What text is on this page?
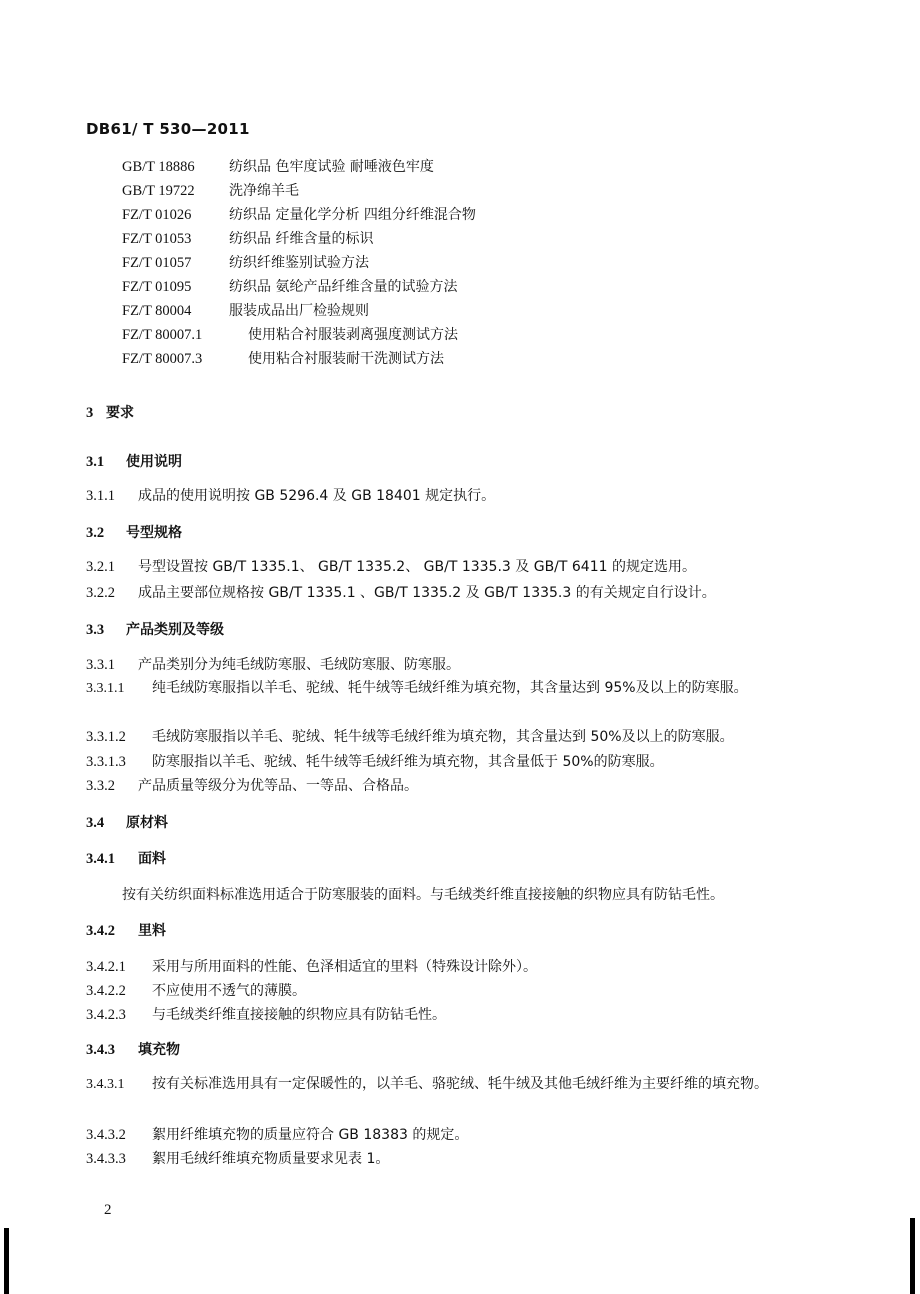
DB61/ T 530—2011
GB/T 18886 纺织品 色牢度试验 耐唾液色牢度
GB/T 19722 洗净绵羊毛
FZ/T 01026	纺织品 定量化学分析 四组分纤维混合物
FZ/T 01053	纺织品 纤维含量的标识
FZ/T 01057	纺织纤维鉴别试验方法
FZ/T 01095	纺织品 氨纶产品纤维含量的试验方法
FZ/T 80004	服装成品出厂检验规则
FZ/T 80007.1	使用粘合衬服装剥离强度测试方法
FZ/T 80007.3	使用粘合衬服装耐干洗测试方法
3 要求
3.1 使用说明
3.1.1 成品的使用说明按 GB 5296.4 及 GB 18401 规定执行。
3.2 号型规格
3.2.1 号型设置按 GB/T 1335.1、 GB/T 1335.2、 GB/T 1335.3 及 GB/T 6411 的规定选用。
3.2.2 成品主要部位规格按 GB/T 1335.1 、GB/T 1335.2 及 GB/T 1335.3 的有关规定自行设计。
3.3 产品类别及等级
3.3.1 产品类别分为纯毛绒防寒服、毛绒防寒服、防寒服。
3.3.1.1 纯毛绒防寒服指以羊毛、驼绒、牦牛绒等毛绒纤维为填充物，其含量达到 95%及以上的防寒服。
3.3.1.2 毛绒防寒服指以羊毛、驼绒、牦牛绒等毛绒纤维为填充物，其含量达到 50%及以上的防寒服。
3.3.1.3 防寒服指以羊毛、驼绒、牦牛绒等毛绒纤维为填充物，其含量低于 50%的防寒服。
3.3.2 产品质量等级分为优等品、一等品、合格品。
3.4 原材料
3.4.1 面料
按有关纺织面料标准选用适合于防寒服装的面料。与毛绒类纤维直接接触的织物应具有防钻毛性。
3.4.2 里料
3.4.2.1 采用与所用面料的性能、色泽相适宜的里料（特殊设计除外）。
3.4.2.2 不应使用不透气的薄膜。
3.4.2.3 与毛绒类纤维直接接触的织物应具有防钻毛性。
3.4.3 填充物
3.4.3.1 按有关标准选用具有一定保暖性的，以羊毛、骆驼绒、牦牛绒及其他毛绒纤维为主要纤维的填充物。
3.4.3.2 絮用纤维填充物的质量应符合 GB 18383 的规定。
3.4.3.3 絮用毛绒纤维填充物质量要求见表 1。
2
